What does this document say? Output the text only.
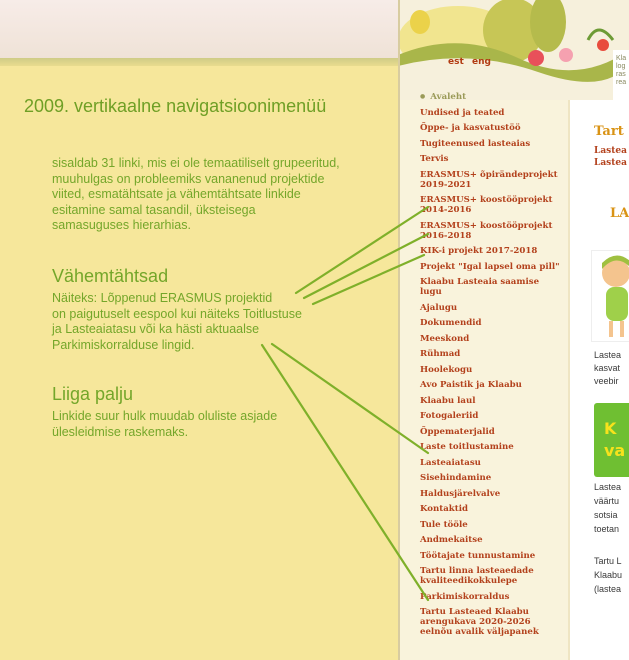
2009. vertikaalne navigatsioonimenüü
sisaldab 31 linki, mis ei ole temaatiliselt grupeeritud,
muuhulgas on probleemiks vananenud projektide
viited, esmatähtsate ja vähemtähtsate linkide
esitamine samal tasandil, üksteisega
samasuguses hierarhias.
Vähemtähtsad
Näiteks: Lõppenud ERASMUS projektid
on paigutuselt eespool kui näiteks Toitlustuse
ja Lasteaiatasu või ka hästi aktuaalse
Parkimiskorralduse lingid.
Liiga palju
Linkide suur hulk muudab oluliste asjade
ülesleidmise raskemaks.
est eng	Kla
log
ras
rea
Tart
Lastea
Lastea
LA
Lastea
kasvat
veebir
K
va
Lastea
väärtu
sotsia
toetan
Tartu L
Klaabu
(lastea
● Avaleht
Undised ja teated
Õppe- ja kasvatustöö
Tugiteenused lasteaias
Tervis
ERASMUS+ õpirändeprojekt 2019-2021
ERASMUS+ koostööprojekt 2014-2016
ERASMUS+ koostööprojekt 2016-2018
KIK-i projekt 2017-2018
Projekt "Igal lapsel oma pill"
Klaabu Lasteaia saamise lugu
Ajalugu
Dokumendid
Meeskond
Rühmad
Hoolekogu
Avo Paistik ja Klaabu
Klaabu laul
Fotogaleriid
Õppematerjalid
Laste toitlustamine
Lasteaiatasu
Sisehindamine
Haldusjärelvalve
Kontaktid
Tule tööle
Andmekaitse
Töötajate tunnustamine
Tartu linna lasteaedade kvaliteedikokkulepe
Parkimiskorraldus
Tartu Lasteaed Klaabu arengukava 2020-2026 eelnõu avalik väljapanek
